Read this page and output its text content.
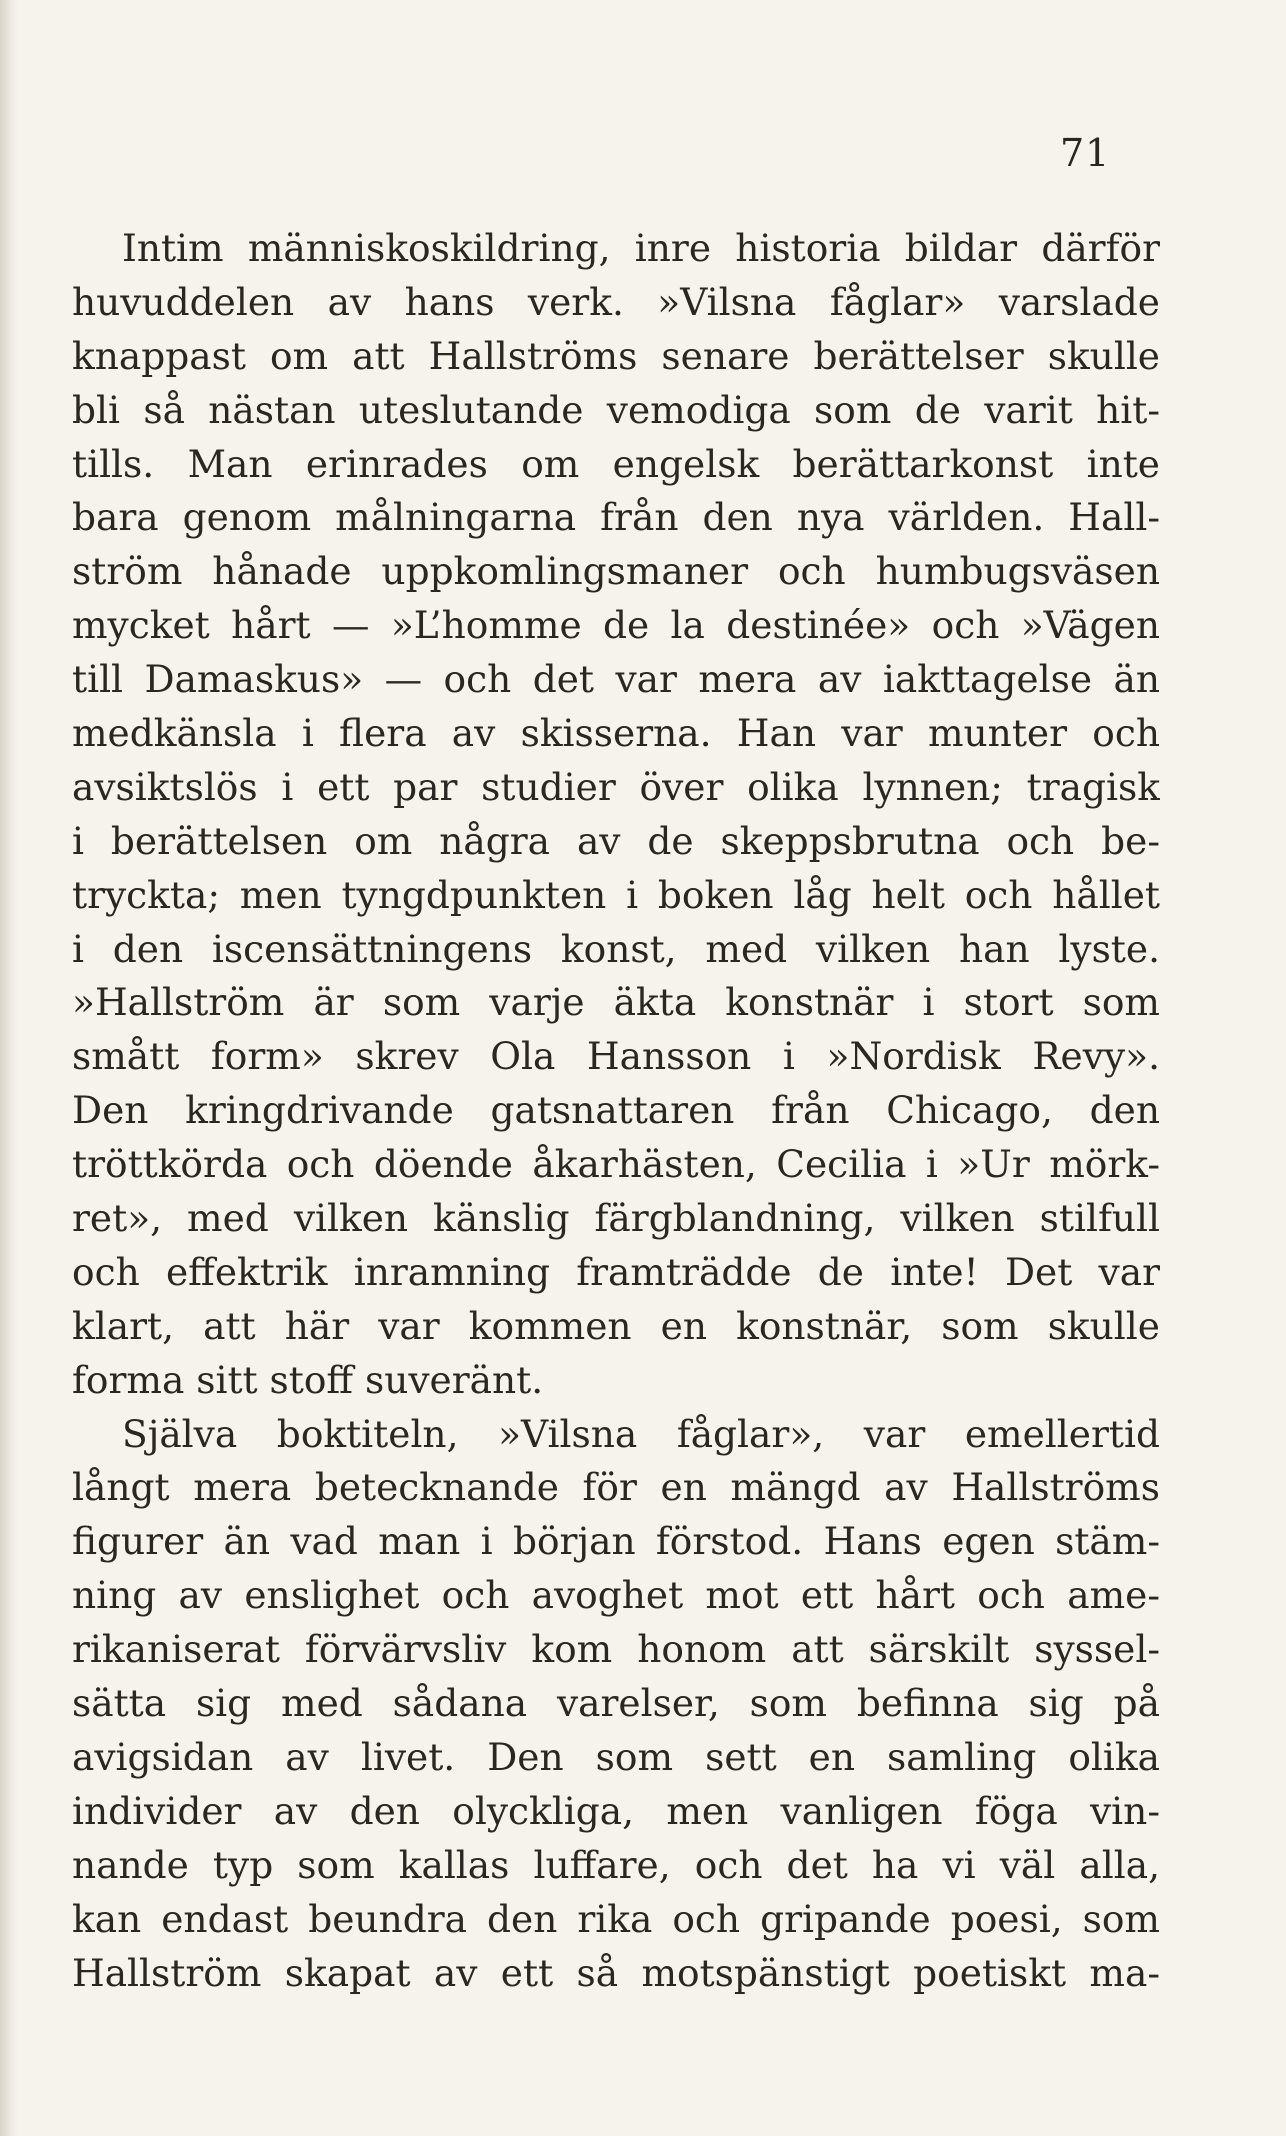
71
Intim människoskildring, inre historia bildar därför
huvuddelen av hans verk. »Vilsna fåglar» varslade
knappast om att Hallströms senare berättelser skulle
bli så nästan uteslutande vemodiga som de varit hit-
tills. Man erinrades om engelsk berättarkonst inte
bara genom målningarna från den nya världen. Hall-
ström hånade uppkomlingsmaner och humbugsväsen
mycket hårt — »L’homme de la destinée» och »Vägen
till Damaskus» — och det var mera av iakttagelse än
medkänsla i flera av skisserna. Han var munter och
avsiktslös i ett par studier över olika lynnen; tragisk
i berättelsen om några av de skeppsbrutna och be-
tryckta; men tyngdpunkten i boken låg helt och hållet
i den iscensättningens konst, med vilken han lyste.
»Hallström är som varje äkta konstnär i stort som
smått form» skrev Ola Hansson i »Nordisk Revy».
Den kringdrivande gatsnattaren från Chicago, den
tröttkörda och döende åkarhästen, Cecilia i »Ur mörk-
ret», med vilken känslig färgblandning, vilken stilfull
och effektrik inramning framträdde de inte! Det var
klart, att här var kommen en konstnär, som skulle
forma sitt stoff suveränt.
Själva boktiteln, »Vilsna fåglar», var emellertid
långt mera betecknande för en mängd av Hallströms
figurer än vad man i början förstod. Hans egen stäm-
ning av enslighet och avoghet mot ett hårt och ame-
rikaniserat förvärvsliv kom honom att särskilt syssel-
sätta sig med sådana varelser, som befinna sig på
avigsidan av livet. Den som sett en samling olika
individer av den olyckliga, men vanligen föga vin-
nande typ som kallas luffare, och det ha vi väl alla,
kan endast beundra den rika och gripande poesi, som
Hallström skapat av ett så motspänstigt poetiskt ma-
